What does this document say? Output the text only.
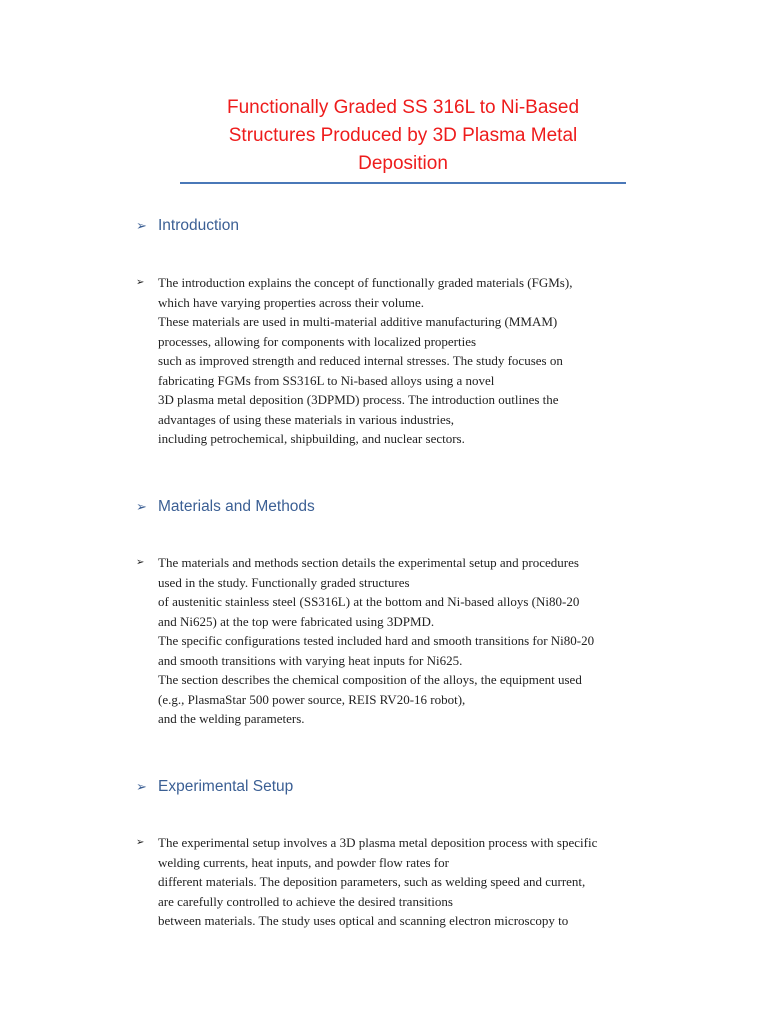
Functionally Graded SS 316L to Ni-Based
Structures Produced by 3D Plasma Metal
Deposition
➢ Introduction
➢ The introduction explains the concept of functionally graded materials (FGMs),
which have varying properties across their volume.
These materials are used in multi-material additive manufacturing (MMAM)
processes, allowing for components with localized properties
such as improved strength and reduced internal stresses. The study focuses on
fabricating FGMs from SS316L to Ni-based alloys using a novel
3D plasma metal deposition (3DPMD) process. The introduction outlines the
advantages of using these materials in various industries,
including petrochemical, shipbuilding, and nuclear sectors.
➢ Materials and Methods
➢ The materials and methods section details the experimental setup and procedures
used in the study. Functionally graded structures
of austenitic stainless steel (SS316L) at the bottom and Ni-based alloys (Ni80-20
and Ni625) at the top were fabricated using 3DPMD.
The specific configurations tested included hard and smooth transitions for Ni80-20
and smooth transitions with varying heat inputs for Ni625.
The section describes the chemical composition of the alloys, the equipment used
(e.g., PlasmaStar 500 power source, REIS RV20-16 robot),
and the welding parameters.
➢ Experimental Setup
➢ The experimental setup involves a 3D plasma metal deposition process with specific
welding currents, heat inputs, and powder flow rates for
different materials. The deposition parameters, such as welding speed and current,
are carefully controlled to achieve the desired transitions
between materials. The study uses optical and scanning electron microscopy to
